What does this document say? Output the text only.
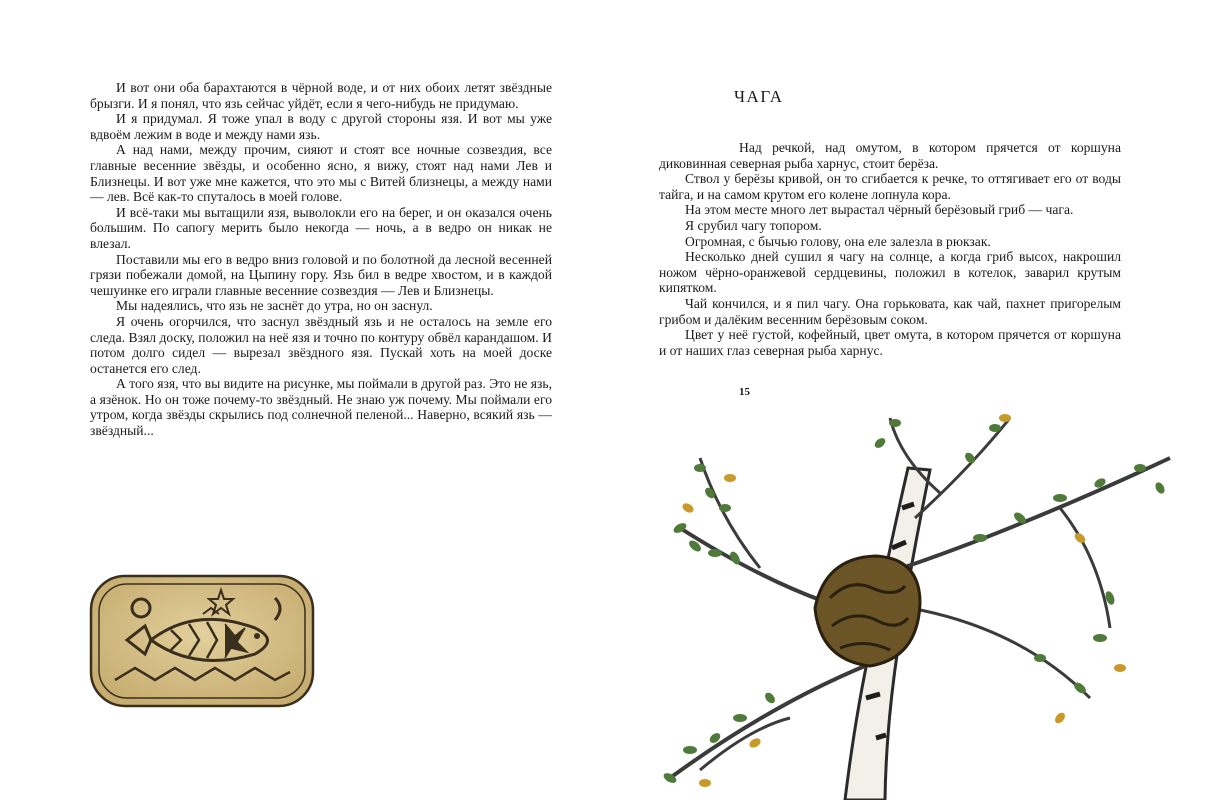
И вот они оба барахтаются в чёрной воде, и от них обоих летят звёздные брызги. И я понял, что язь сейчас уйдёт, если я чего-нибудь не придумаю.

И я придумал. Я тоже упал в воду с другой стороны язя. И вот мы уже вдвоём лежим в воде и между нами язь.

А над нами, между прочим, сияют и стоят все ночные созвездия, все главные весенние звёзды, и особенно ясно, я вижу, стоят над нами Лев и Близнецы. И вот уже мне кажется, что это мы с Витей близнецы, а между нами — лев. Всё как-то спуталось в моей голове.

И всё-таки мы вытащили язя, выволокли его на берег, и он оказался очень большим. По сапогу мерить было некогда — ночь, а в ведро он никак не влезал.

Поставили мы его в ведро вниз головой и по болотной да лесной весенней грязи побежали домой, на Цыпину гору. Язь бил в ведре хвостом, и в каждой чешуинке его играли главные весенние созвездия — Лев и Близнецы.

Мы надеялись, что язь не заснёт до утра, но он заснул.

Я очень огорчился, что заснул звёздный язь и не осталось на земле его следа. Взял доску, положил на неё язя и точно по контуру обвёл карандашом. И потом долго сидел — вырезал звёздного язя. Пускай хоть на моей доске останется его след.

А того язя, что вы видите на рисунке, мы поймали в другой раз. Это не язь, а язёнок. Но он тоже почему-то звёздный. Не знаю уж почему. Мы поймали его утром, когда звёзды скрылись под солнечной пеленой... Наверно, всякий язь — звёздный...

ЧАГА

Над речкой, над омутом, в котором прячется от коршуна диковинная северная рыба харнус, стоит берёза.

Ствол у берёзы кривой, он то сгибается к речке, то оттягивает его от воды тайга, и на самом крутом его колене лопнула кора.

На этом месте много лет вырастал чёрный берёзовый гриб — чага.

Я срубил чагу топором.

Огромная, с бычью голову, она еле залезла в рюкзак.

Несколько дней сушил я чагу на солнце, а когда гриб высох, накрошил ножом чёрно-оранжевой сердцевины, положил в котелок, заварил крутым кипятком.

Чай кончился, и я пил чагу. Она горьковата, как чай, пахнет пригорелым грибом и далёким весенним берёзовым соком.

Цвет у неё густой, кофейный, цвет омута, в котором прячется от коршуна и от наших глаз северная рыба харнус.

15
